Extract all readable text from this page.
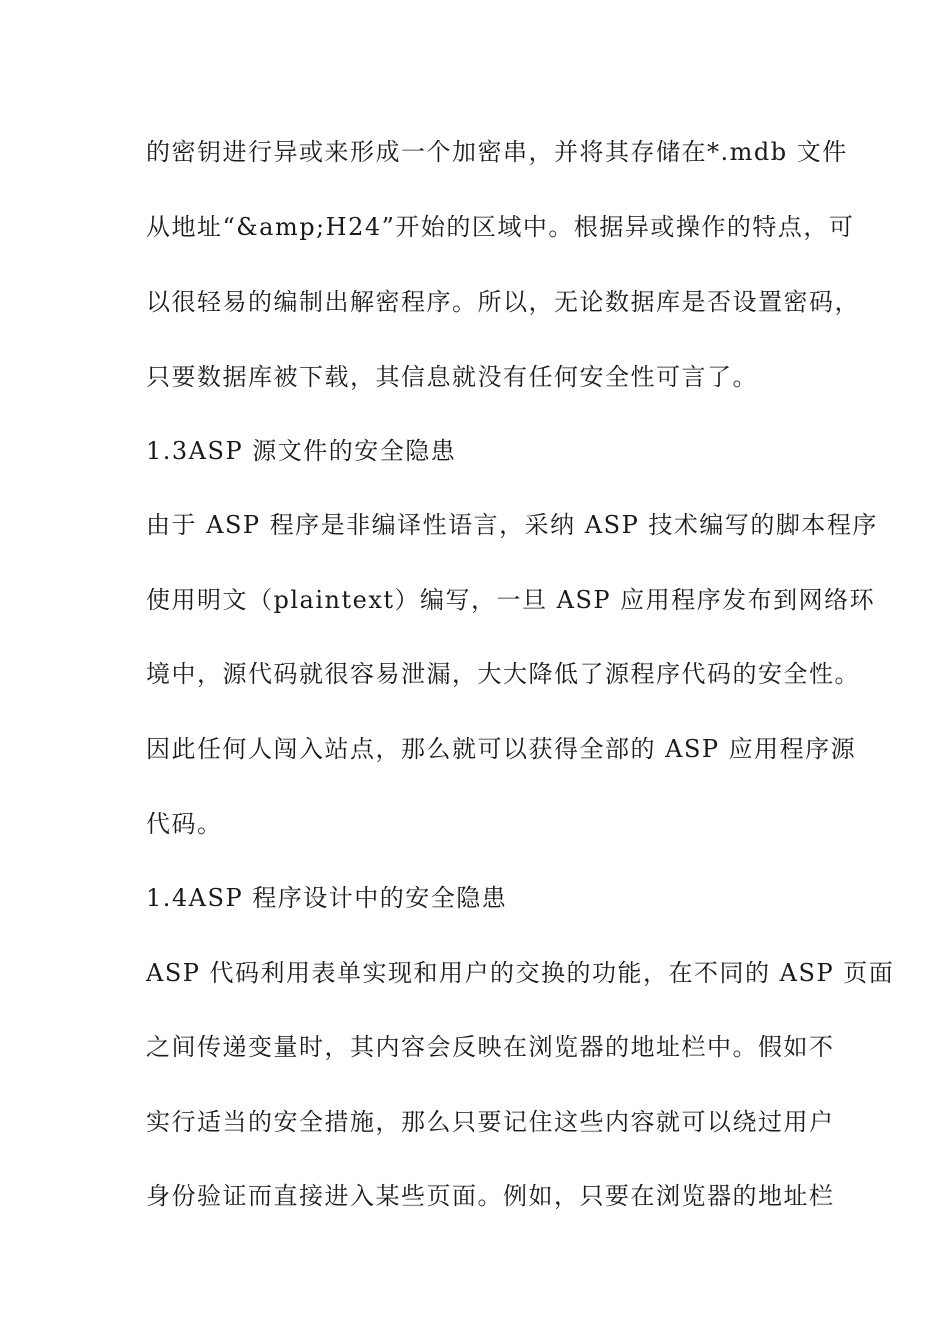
的密钥进行异或来形成一个加密串，并将其存储在*.mdb 文件
从地址“&amp;H24”开始的区域中。根据异或操作的特点，可
以很轻易的编制出解密程序。所以，无论数据库是否设置密码，
只要数据库被下载，其信息就没有任何安全性可言了。
1.3ASP 源文件的安全隐患
由于 ASP 程序是非编译性语言，采纳 ASP 技术编写的脚本程序
使用明文（plaintext）编写，一旦 ASP 应用程序发布到网络环
境中，源代码就很容易泄漏，大大降低了源程序代码的安全性。
因此任何人闯入站点，那么就可以获得全部的 ASP 应用程序源
代码。
1.4ASP 程序设计中的安全隐患
ASP 代码利用表单实现和用户的交换的功能，在不同的 ASP 页面
之间传递变量时，其内容会反映在浏览器的地址栏中。假如不
实行适当的安全措施，那么只要记住这些内容就可以绕过用户
身份验证而直接进入某些页面。例如，只要在浏览器的地址栏
